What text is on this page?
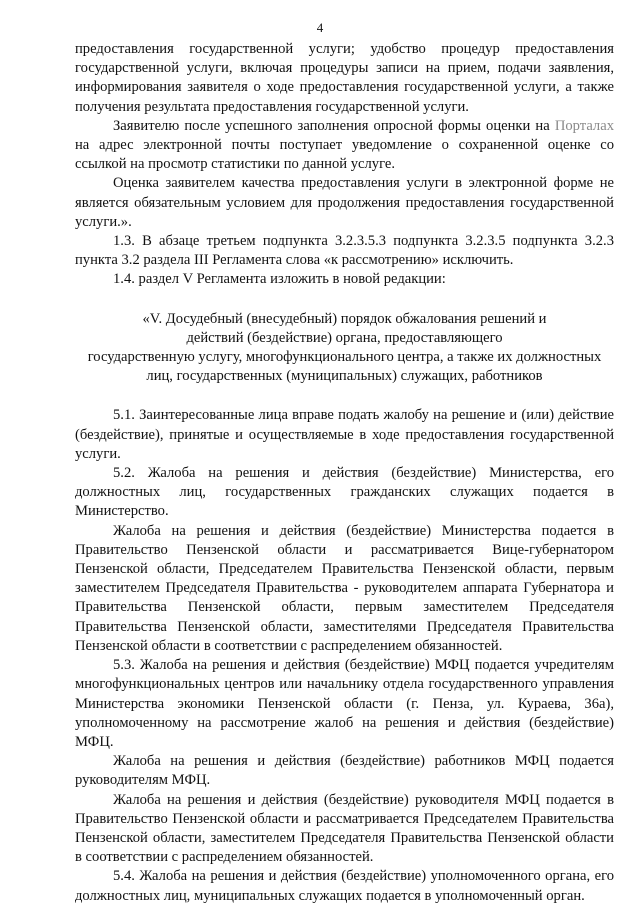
4

предоставления государственной услуги; удобство процедур предоставления государственной услуги, включая процедуры записи на прием, подачи заявления, информирования заявителя о ходе предоставления государственной услуги, а также получения результата предоставления государственной услуги.

Заявителю после успешного заполнения опросной формы оценки на Порталах на адрес электронной почты поступает уведомление о сохраненной оценке со ссылкой на просмотр статистики по данной услуге.

Оценка заявителем качества предоставления услуги в электронной форме не является обязательным условием для продолжения предоставления государственной услуги.».

1.3. В абзаце третьем подпункта 3.2.3.5.3 подпункта 3.2.3.5 подпункта 3.2.3 пункта 3.2 раздела III Регламента слова «к рассмотрению» исключить.

1.4. раздел V Регламента изложить в новой редакции:

«V. Досудебный (внесудебный) порядок обжалования решений и
действий (бездействие) органа, предоставляющего
государственную услугу, многофункционального центра, а также их должностных
лиц, государственных (муниципальных) служащих, работников

5.1. Заинтересованные лица вправе подать жалобу на решение и (или) действие (бездействие), принятые и осуществляемые в ходе предоставления государственной услуги.

5.2. Жалоба на решения и действия (бездействие) Министерства, его должностных лиц, государственных гражданских служащих подается в Министерство.

Жалоба на решения и действия (бездействие) Министерства подается в Правительство Пензенской области и рассматривается Вице-губернатором Пензенской области, Председателем Правительства Пензенской области, первым заместителем Председателя Правительства - руководителем аппарата Губернатора и Правительства Пензенской области, первым заместителем Председателя Правительства Пензенской области, заместителями Председателя Правительства Пензенской области в соответствии с распределением обязанностей.

5.3. Жалоба на решения и действия (бездействие) МФЦ подается учредителям многофункциональных центров или начальнику отдела государственного управления Министерства экономики Пензенской области (г. Пенза, ул. Кураева, 36а), уполномоченному на рассмотрение жалоб на решения и действия (бездействие) МФЦ.

Жалоба на решения и действия (бездействие) работников МФЦ подается руководителям МФЦ.

Жалоба на решения и действия (бездействие) руководителя МФЦ подается в Правительство Пензенской области и рассматривается Председателем Правительства Пензенской области, заместителем Председателя Правительства Пензенской области в соответствии с распределением обязанностей.

5.4. Жалоба на решения и действия (бездействие) уполномоченного органа, его должностных лиц, муниципальных служащих подается в уполномоченный орган.
